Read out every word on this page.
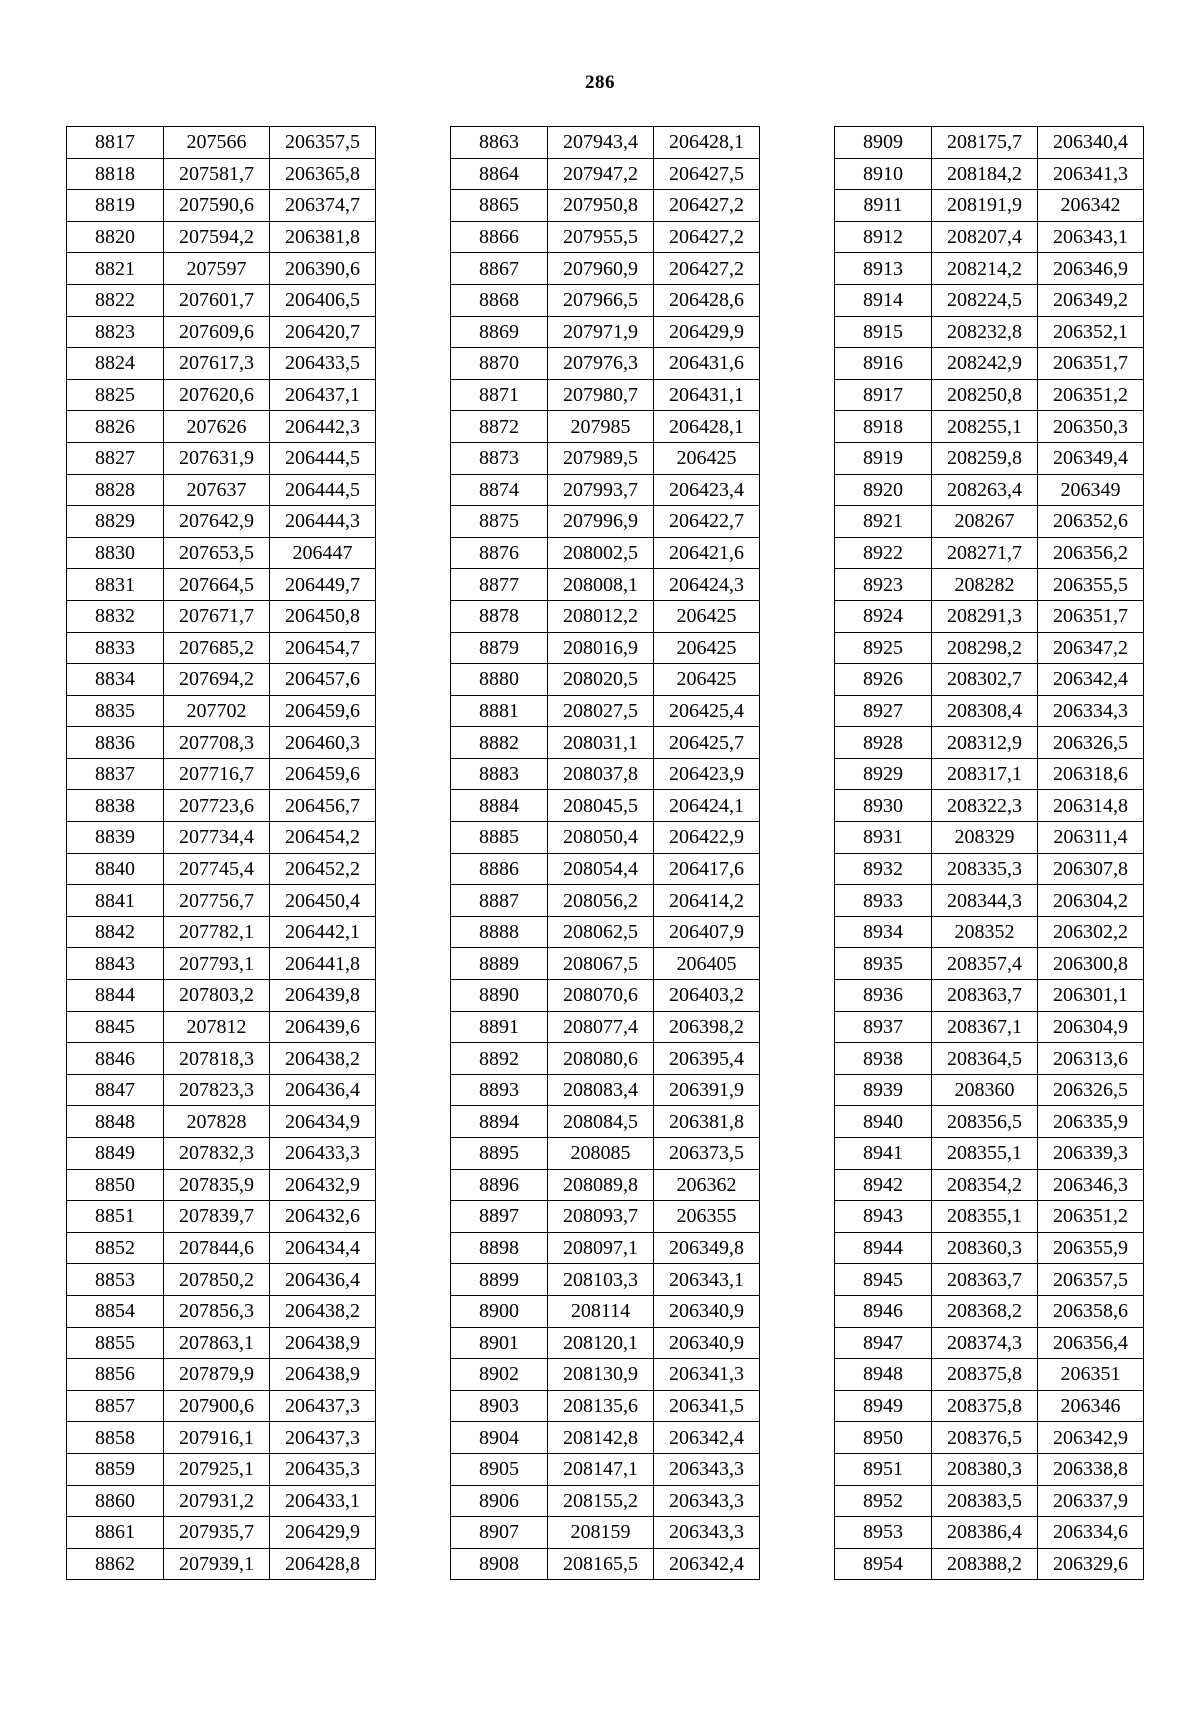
286
8817	207566	206357,5
8818	207581,7	206365,8
8819	207590,6	206374,7
8820	207594,2	206381,8
8821	207597	206390,6
8822	207601,7	206406,5
8823	207609,6	206420,7
8824	207617,3	206433,5
8825	207620,6	206437,1
8826	207626	206442,3
8827	207631,9	206444,5
8828	207637	206444,5
8829	207642,9	206444,3
8830	207653,5	206447
8831	207664,5	206449,7
8832	207671,7	206450,8
8833	207685,2	206454,7
8834	207694,2	206457,6
8835	207702	206459,6
8836	207708,3	206460,3
8837	207716,7	206459,6
8838	207723,6	206456,7
8839	207734,4	206454,2
8840	207745,4	206452,2
8841	207756,7	206450,4
8842	207782,1	206442,1
8843	207793,1	206441,8
8844	207803,2	206439,8
8845	207812	206439,6
8846	207818,3	206438,2
8847	207823,3	206436,4
8848	207828	206434,9
8849	207832,3	206433,3
8850	207835,9	206432,9
8851	207839,7	206432,6
8852	207844,6	206434,4
8853	207850,2	206436,4
8854	207856,3	206438,2
8855	207863,1	206438,9
8856	207879,9	206438,9
8857	207900,6	206437,3
8858	207916,1	206437,3
8859	207925,1	206435,3
8860	207931,2	206433,1
8861	207935,7	206429,9
8862	207939,1	206428,8
8863	207943,4	206428,1
8864	207947,2	206427,5
8865	207950,8	206427,2
8866	207955,5	206427,2
8867	207960,9	206427,2
8868	207966,5	206428,6
8869	207971,9	206429,9
8870	207976,3	206431,6
8871	207980,7	206431,1
8872	207985	206428,1
8873	207989,5	206425
8874	207993,7	206423,4
8875	207996,9	206422,7
8876	208002,5	206421,6
8877	208008,1	206424,3
8878	208012,2	206425
8879	208016,9	206425
8880	208020,5	206425
8881	208027,5	206425,4
8882	208031,1	206425,7
8883	208037,8	206423,9
8884	208045,5	206424,1
8885	208050,4	206422,9
8886	208054,4	206417,6
8887	208056,2	206414,2
8888	208062,5	206407,9
8889	208067,5	206405
8890	208070,6	206403,2
8891	208077,4	206398,2
8892	208080,6	206395,4
8893	208083,4	206391,9
8894	208084,5	206381,8
8895	208085	206373,5
8896	208089,8	206362
8897	208093,7	206355
8898	208097,1	206349,8
8899	208103,3	206343,1
8900	208114	206340,9
8901	208120,1	206340,9
8902	208130,9	206341,3
8903	208135,6	206341,5
8904	208142,8	206342,4
8905	208147,1	206343,3
8906	208155,2	206343,3
8907	208159	206343,3
8908	208165,5	206342,4
8909	208175,7	206340,4
8910	208184,2	206341,3
8911	208191,9	206342
8912	208207,4	206343,1
8913	208214,2	206346,9
8914	208224,5	206349,2
8915	208232,8	206352,1
8916	208242,9	206351,7
8917	208250,8	206351,2
8918	208255,1	206350,3
8919	208259,8	206349,4
8920	208263,4	206349
8921	208267	206352,6
8922	208271,7	206356,2
8923	208282	206355,5
8924	208291,3	206351,7
8925	208298,2	206347,2
8926	208302,7	206342,4
8927	208308,4	206334,3
8928	208312,9	206326,5
8929	208317,1	206318,6
8930	208322,3	206314,8
8931	208329	206311,4
8932	208335,3	206307,8
8933	208344,3	206304,2
8934	208352	206302,2
8935	208357,4	206300,8
8936	208363,7	206301,1
8937	208367,1	206304,9
8938	208364,5	206313,6
8939	208360	206326,5
8940	208356,5	206335,9
8941	208355,1	206339,3
8942	208354,2	206346,3
8943	208355,1	206351,2
8944	208360,3	206355,9
8945	208363,7	206357,5
8946	208368,2	206358,6
8947	208374,3	206356,4
8948	208375,8	206351
8949	208375,8	206346
8950	208376,5	206342,9
8951	208380,3	206338,8
8952	208383,5	206337,9
8953	208386,4	206334,6
8954	208388,2	206329,6
